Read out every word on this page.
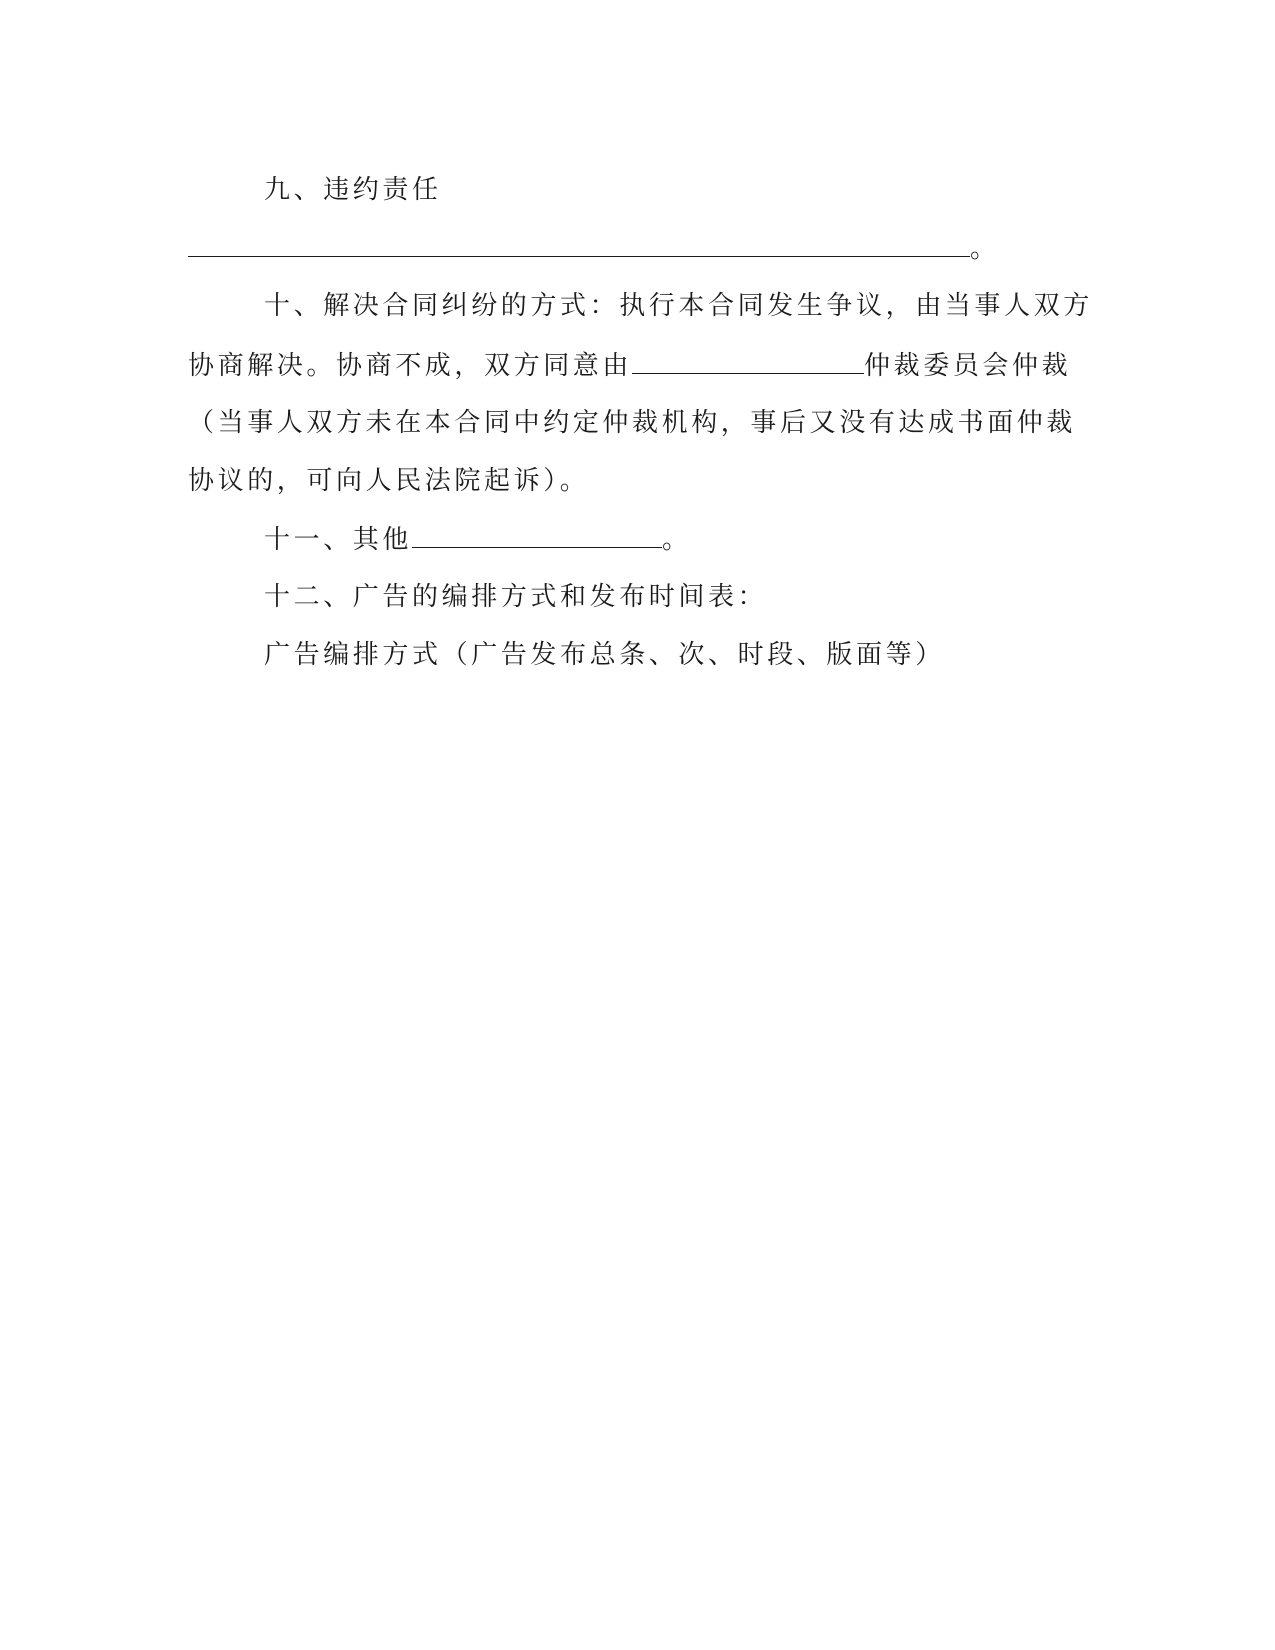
九、违约责任
。
十、解决合同纠纷的方式：执行本合同发生争议，由当事人双方
协商解决。协商不成，双方同意由	仲裁委员会仲裁
（当事人双方未在本合同中约定仲裁机构，事后又没有达成书面仲裁
协议的，可向人民法院起诉）。
十一、其他	。
十二、广告的编排方式和发布时间表：
广告编排方式（广告发布总条、次、时段、版面等）
